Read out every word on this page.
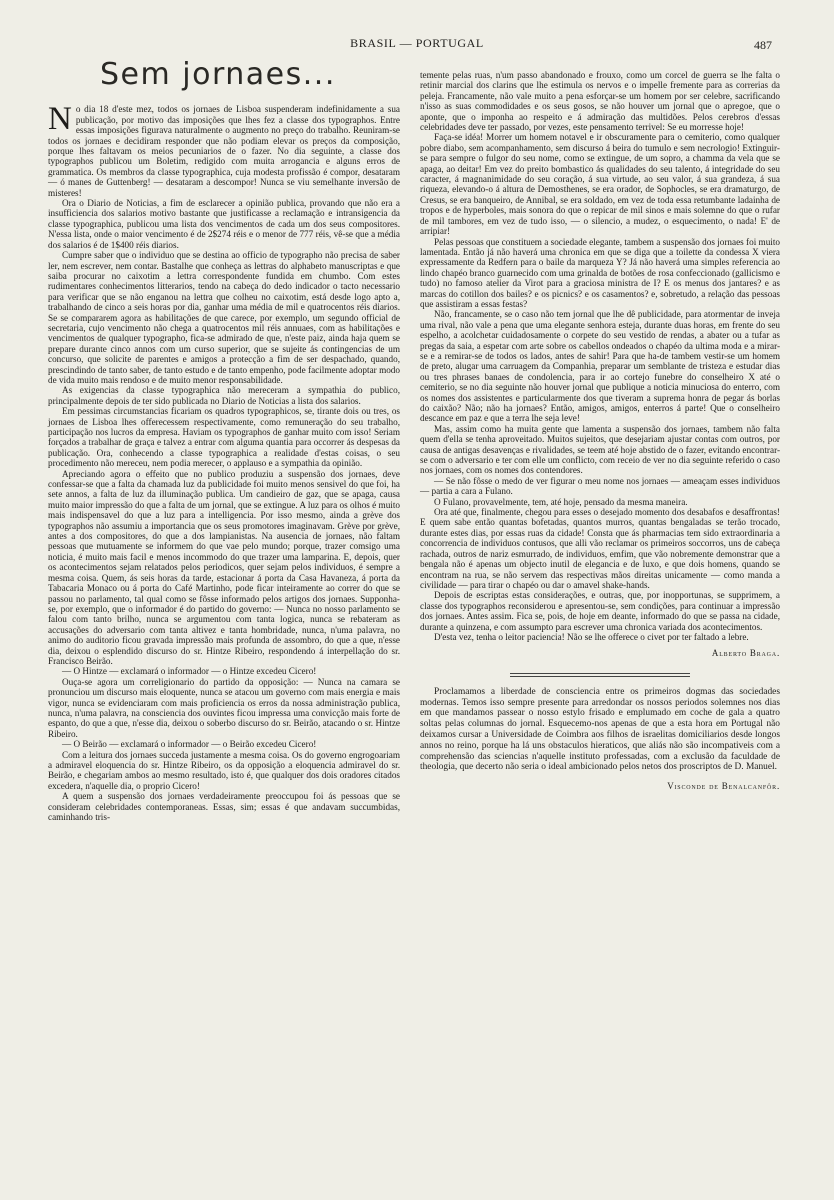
BRASIL — PORTUGAL	487
Sem jornaes...

No dia 18 d'este mez, todos os jornaes de Lisboa suspenderam indefinidamente a sua publicação, por motivo das imposições que lhes fez a classe dos typographos. Entre essas imposições figurava naturalmente o augmento no preço do trabalho. Reuniram-se todos os jornaes e decidiram responder que não podiam elevar os preços da composição, porque lhes faltavam os meios pecuniarios de o fazer. No dia seguinte, a classe dos typographos publicou um Boletim, redigido com muita arrogancia e alguns erros de grammatica. Os membros da classe typographica, cuja modesta profissão é compor, desataram — ó manes de Guttenberg! — desataram a descompor! Nunca se viu semelhante inversão de misteres!

Ora o Diario de Noticias, a fim de esclarecer a opinião publica, provando que não era a insufficiencia dos salarios motivo bastante que justificasse a reclamação e intransigencia da classe typographica, publicou uma lista dos vencimentos de cada um dos seus compositores. N'essa lista, onde o maior vencimento é de 2$274 réis e o menor de 777 réis, vê-se que a média dos salarios é de 1$400 réis diarios.

Cumpre saber que o individuo que se destina ao officio de typographo não precisa de saber ler, nem escrever, nem contar. Bastalhe que conheça as lettras do alphabeto manuscriptas e que saiba procurar no caixotim a lettra correspondente fundida em chumbo. Com estes rudimentares conhecimentos litterarios, tendo na cabeça do dedo indicador o tacto necessario para verificar que se não enganou na lettra que colheu no caixotim, está desde logo apto a, trabalhando de cinco a seis horas por dia, ganhar uma média de mil e quatrocentos réis diarios. Se se compararem agora as habilitações de que carece, por exemplo, um segundo official de secretaria, cujo vencimento não chega a quatrocentos mil réis annuaes, com as habilitações e vencimentos de qualquer typographo, fica-se admirado de que, n'este paiz, ainda haja quem se prepare durante cinco annos com um curso superior, que se sujeite ás contingencias de um concurso, que solicite de parentes e amigos a protecção a fim de ser despachado, quando, prescindindo de tanto saber, de tanto estudo e de tanto empenho, pode facilmente adoptar modo de vida muito mais rendoso e de muito menor responsabilidade.

As exigencias da classe typographica não mereceram a sympathia do publico, principalmente depois de ter sido publicada no Diario de Noticias a lista dos salarios.

Em pessimas circumstancias ficariam os quadros typographicos, se, tirante dois ou tres, os jornaes de Lisboa lhes offerecessem respectivamente, como remuneração do seu trabalho, participação nos lucros da empresa. Haviam os typographos de ganhar muito com isso! Seriam forçados a trabalhar de graça e talvez a entrar com alguma quantia para occorrer ás despesas da publicação. Ora, conhecendo a classe typographica a realidade d'estas coisas, o seu procedimento não mereceu, nem podia merecer, o applauso e a sympathia da opinião.

Apreciando agora o effeito que no publico produziu a suspensão dos jornaes, deve confessar-se que a falta da chamada luz da publicidade foi muito menos sensivel do que foi, ha sete annos, a falta de luz da illuminação publica. Um candieiro de gaz, que se apaga, causa muito maior impressão do que a falta de um jornal, que se extingue. A luz para os olhos é muito mais indispensavel do que a luz para a intelligencia. Por isso mesmo, ainda a grève dos typographos não assumiu a importancia que os seus promotores imaginavam. Grève por grève, antes a dos compositores, do que a dos lampianistas. Na ausencia de jornaes, não faltam pessoas que mutuamente se informem do que vae pelo mundo; porque, trazer comsigo uma noticia, é muito mais facil e menos incommodo do que trazer uma lamparina. E, depois, quer os acontecimentos sejam relatados pelos periodicos, quer sejam pelos individuos, é sempre a mesma coisa. Quem, ás seis horas da tarde, estacionar á porta da Casa Havaneza, á porta da Tabacaria Monaco ou á porta do Café Martinho, pode ficar inteiramente ao correr do que se passou no parlamento, tal qual como se fôsse informado pelos artigos dos jornaes. Supponha-se, por exemplo, que o informador é do partido do governo: — Nunca no nosso parlamento se falou com tanto brilho, nunca se argumentou com tanta logica, nunca se rebateram as accusações do adversario com tanta altivez e tanta hombridade, nunca, n'uma palavra, no animo do auditorio ficou gravada impressão mais profunda de assombro, do que a que, n'esse dia, deixou o esplendido discurso do sr. Hintze Ribeiro, respondendo á interpellação do sr. Francisco Beirão.

— O Hintze — exclamará o informador — o Hintze excedeu Cicero!

Ouça-se agora um correligionario do partido da opposição: — Nunca na camara se pronunciou um discurso mais eloquente, nunca se atacou um governo com mais energia e mais vigor, nunca se evidenciaram com mais proficiencia os erros da nossa administração publica, nunca, n'uma palavra, na consciencia dos ouvintes ficou impressa uma convicção mais forte de espanto, do que a que, n'esse dia, deixou o soberbo discurso do sr. Beirão, atacando o sr. Hintze Ribeiro.

— O Beirão — exclamará o informador — o Beirão excedeu Cicero!

Com a leitura dos jornaes succeda justamente a mesma coisa. Os do governo engrogoariam a admiravel eloquencia do sr. Hintze Ribeiro, os da opposição a eloquencia admiravel do sr. Beirão, e chegariam ambos ao mesmo resultado, isto é, que qualquer dos dois oradores citados excedera, n'aquelle dia, o proprio Cicero!

A quem a suspensão dos jornaes verdadeiramente preoccupou foi ás pessoas que se consideram celebridades contemporaneas. Essas, sim; essas é que andavam succumbidas, caminhando tris-

temente pelas ruas, n'um passo abandonado e frouxo, como um corcel de guerra se lhe falta o retinir marcial dos clarins que lhe estimula os nervos e o impelle fremente para as correrias da peleja. Francamente, não vale muito a pena esforçar-se um homem por ser celebre, sacrificando n'isso as suas commodidades e os seus gosos, se não houver um jornal que o apregoe, que o aponte, que o imponha ao respeito e á admiração das multidões. Pelos cerebros d'essas celebridades deve ter passado, por vezes, este pensamento terrivel: Se eu morresse hoje!

Faça-se idéa! Morrer um homem notavel e ir obscuramente para o cemiterio, como qualquer pobre diabo, sem acompanhamento, sem discurso á beira do tumulo e sem necrologio! Extinguir-se para sempre o fulgor do seu nome, como se extingue, de um sopro, a chamma da vela que se apaga, ao deitar! Em vez do preito bombastico ás qualidades do seu talento, á integridade do seu caracter, á magnanimidade do seu coração, á sua virtude, ao seu valor, á sua grandeza, á sua riqueza, elevando-o á altura de Demosthenes, se era orador, de Sophocles, se era dramaturgo, de Cresus, se era banqueiro, de Annibal, se era soldado, em vez de toda essa retumbante ladainha de tropos e de hyperboles, mais sonora do que o repicar de mil sinos e mais solemne do que o rufar de mil tambores, em vez de tudo isso, — o silencio, a mudez, o esquecimento, o nada! E' de arripiar!

Pelas pessoas que constituem a sociedade elegante, tambem a suspensão dos jornaes foi muito lamentada. Então já não haverá uma chronica em que se diga que a toilette da condessa X viera expressamente da Redfern para o baile da marqueza Y? Já não haverá uma simples referencia ao lindo chapéo branco guarnecido com uma grinalda de botões de rosa confeccionado (gallicismo e tudo) no famoso atelier da Virot para a graciosa ministra de I? E os menus dos jantares? e as marcas do cotillon dos bailes? e os picnics? e os casamentos? e, sobretudo, a relação das pessoas que assistiram a essas festas?

Não, francamente, se o caso não tem jornal que lhe dê publicidade, para atormentar de inveja uma rival, não vale a pena que uma elegante senhora esteja, durante duas horas, em frente do seu espelho, a acolchetar cuidadosamente o corpete do seu vestido de rendas, a abater ou a tufar as pregas da saia, a espetar com arte sobre os cabellos ondeados o chapéo da ultima moda e a mirar-se e a remirar-se de todos os lados, antes de sahir! Para que ha-de tambem vestir-se um homem de preto, alugar uma carruagem da Companhia, preparar um semblante de tristeza e estudar dias ou tres phrases banaes de condolencia, para ir ao cortejo funebre do conselheiro X até o cemiterio, se no dia seguinte não houver jornal que publique a noticia minuciosa do enterro, com os nomes dos assistentes e particularmente dos que tiveram a suprema honra de pegar ás borlas do caixão? Não; não ha jornaes? Então, amigos, amigos, enterros á parte! Que o conselheiro descance em paz e que a terra lhe seja leve!

Mas, assim como ha muita gente que lamenta a suspensão dos jornaes, tambem não falta quem d'ella se tenha aproveitado. Muitos sujeitos, que desejariam ajustar contas com outros, por causa de antigas desavenças e rivalidades, se teem até hoje abstido de o fazer, evitando encontrar-se com o adversario e ter com elle um conflicto, com receio de ver no dia seguinte referido o caso nos jornaes, com os nomes dos contendores.

— Se não fôsse o medo de ver figurar o meu nome nos jornaes — ameaçam esses individuos — partia a cara a Fulano.

O Fulano, provavelmente, tem, até hoje, pensado da mesma maneira.

Ora até que, finalmente, chegou para esses o desejado momento dos desabafos e desaffrontas! E quem sabe então quantas bofetadas, quantos murros, quantas bengaladas se terão trocado, durante estes dias, por essas ruas da cidade! Consta que ás pharmacias tem sido extraordinaria a concorrencia de individuos contusos, que alli vão reclamar os primeiros soccorros, uns de cabeça rachada, outros de nariz esmurrado, de individuos, emfim, que vão nobremente demonstrar que a bengala não é apenas um objecto inutil de elegancia e de luxo, e que dois homens, quando se encontram na rua, se não servem das respectivas mãos direitas unicamente — como manda a civilidade — para tirar o chapéo ou dar o amavel shake-hands.

Depois de escriptas estas considerações, e outras, que, por inopportunas, se supprimem, a classe dos typographos reconsiderou e apresentou-se, sem condições, para continuar a impressão dos jornaes. Antes assim. Fica se, pois, de hoje em deante, informado do que se passa na cidade, durante a quinzena, e com assumpto para escrever uma chronica variada dos acontecimentos.

D'esta vez, tenha o leitor paciencia! Não se lhe offerece o civet por ter faltado a lebre.

Alberto Braga.

Proclamamos a liberdade de consciencia entre os primeiros dogmas das sociedades modernas. Temos isso sempre presente para arredondar os nossos periodos solemnes nos dias em que mandamos passear o nosso estylo frisado e emplumado em coche de gala a quatro soltas pelas columnas do jornal. Esquecemo-nos apenas de que a esta hora em Portugal não deixamos cursar a Universidade de Coimbra aos filhos de israelitas domiciliarios desde longos annos no reino, porque ha lá uns obstaculos hieraticos, que aliás não são incompativeis com a comprehensão das sciencias n'aquelle instituto professadas, com a exclusão da faculdade de theologia, que decerto não seria o ideal ambicionado pelos netos dos proscriptos de D. Manuel.

Visconde de Benalcanfôr.
